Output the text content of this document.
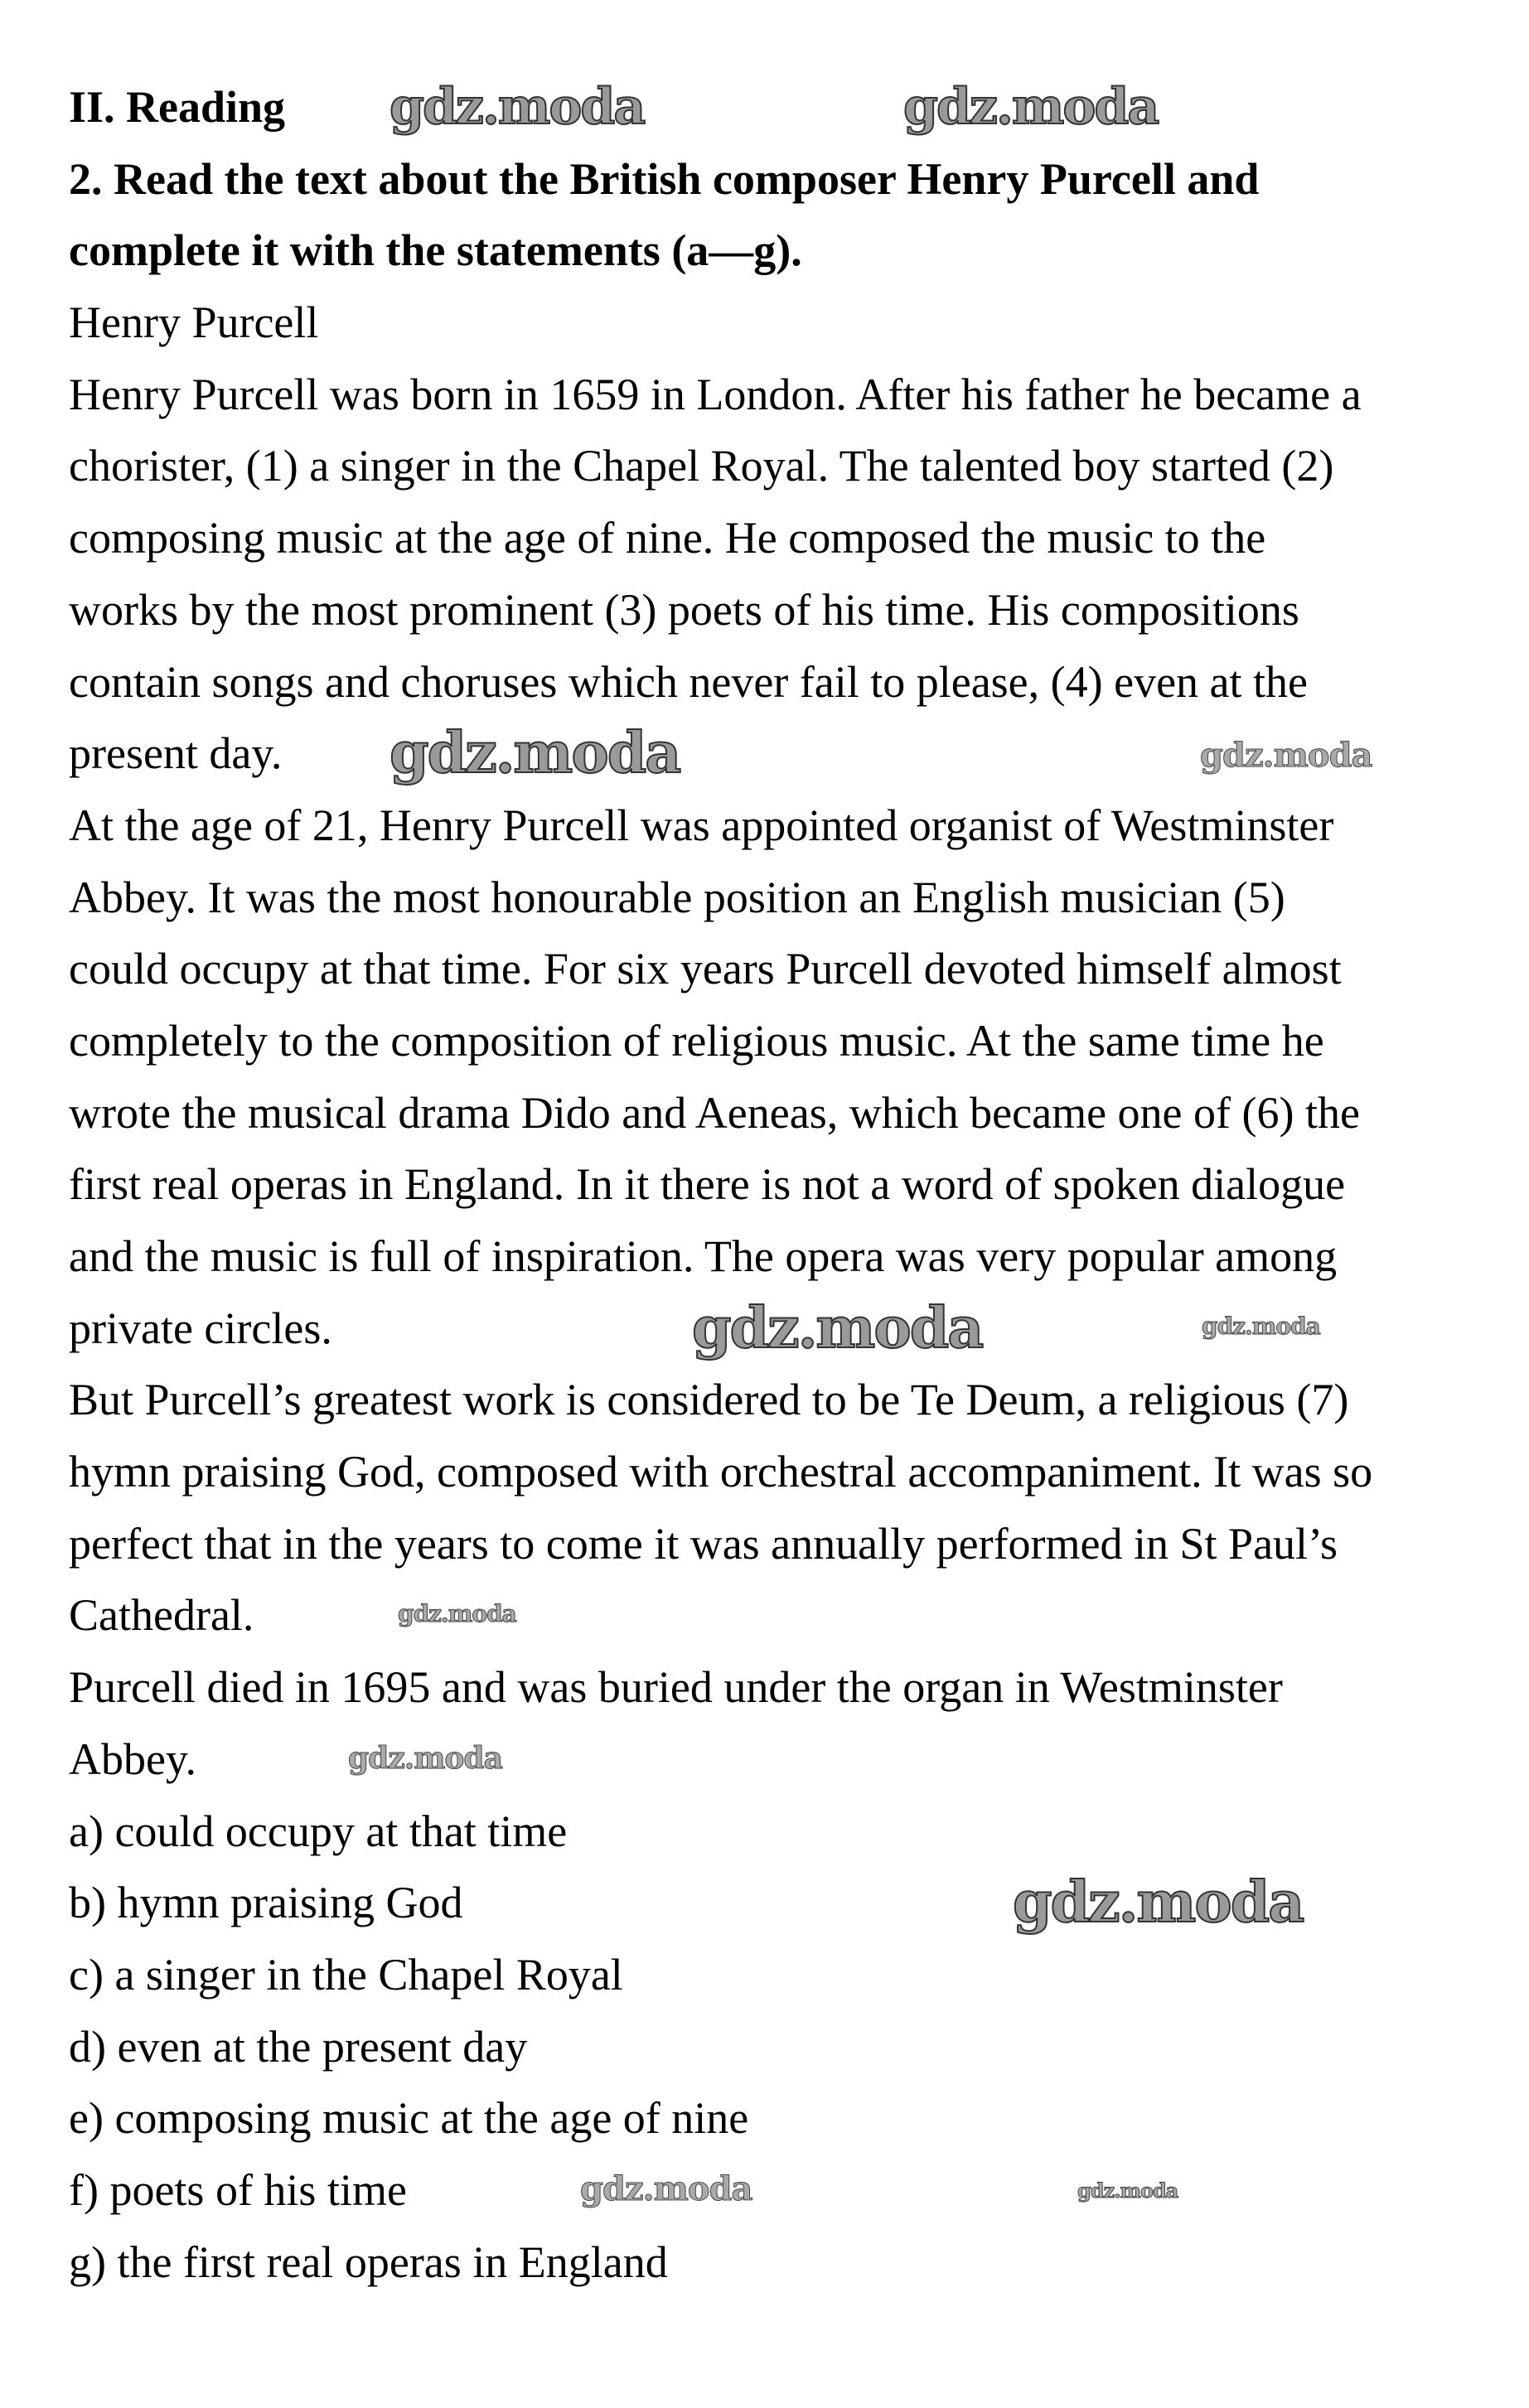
II. Reading
2. Read the text about the British composer Henry Purcell and
complete it with the statements (a—g).
Henry Purcell
Henry Purcell was born in 1659 in London. After his father he became a
chorister, (1) a singer in the Chapel Royal. The talented boy started (2)
composing music at the age of nine. He composed the music to the
works by the most prominent (3) poets of his time. His compositions
contain songs and choruses which never fail to please, (4) even at the
present day.
At the age of 21, Henry Purcell was appointed organist of Westminster
Abbey. It was the most honourable position an English musician (5)
could occupy at that time. For six years Purcell devoted himself almost
completely to the composition of religious music. At the same time he
wrote the musical drama Dido and Aeneas, which became one of (6) the
first real operas in England. In it there is not a word of spoken dialogue
and the music is full of inspiration. The opera was very popular among
private circles.
But Purcell’s greatest work is considered to be Te Deum, a religious (7)
hymn praising God, composed with orchestral accompaniment. It was so
perfect that in the years to come it was annually performed in St Paul’s
Cathedral.
Purcell died in 1695 and was buried under the organ in Westminster
Abbey.
a) could occupy at that time
b) hymn praising God
c) a singer in the Chapel Royal
d) even at the present day
e) composing music at the age of nine
f) poets of his time
g) the first real operas in England
gdz.moda	gdz.moda
gdz.moda
gdz.moda
gdz.moda	gdz.moda
gdz.moda
gdz.moda
gdz.moda
gdz.moda
gdz.moda
